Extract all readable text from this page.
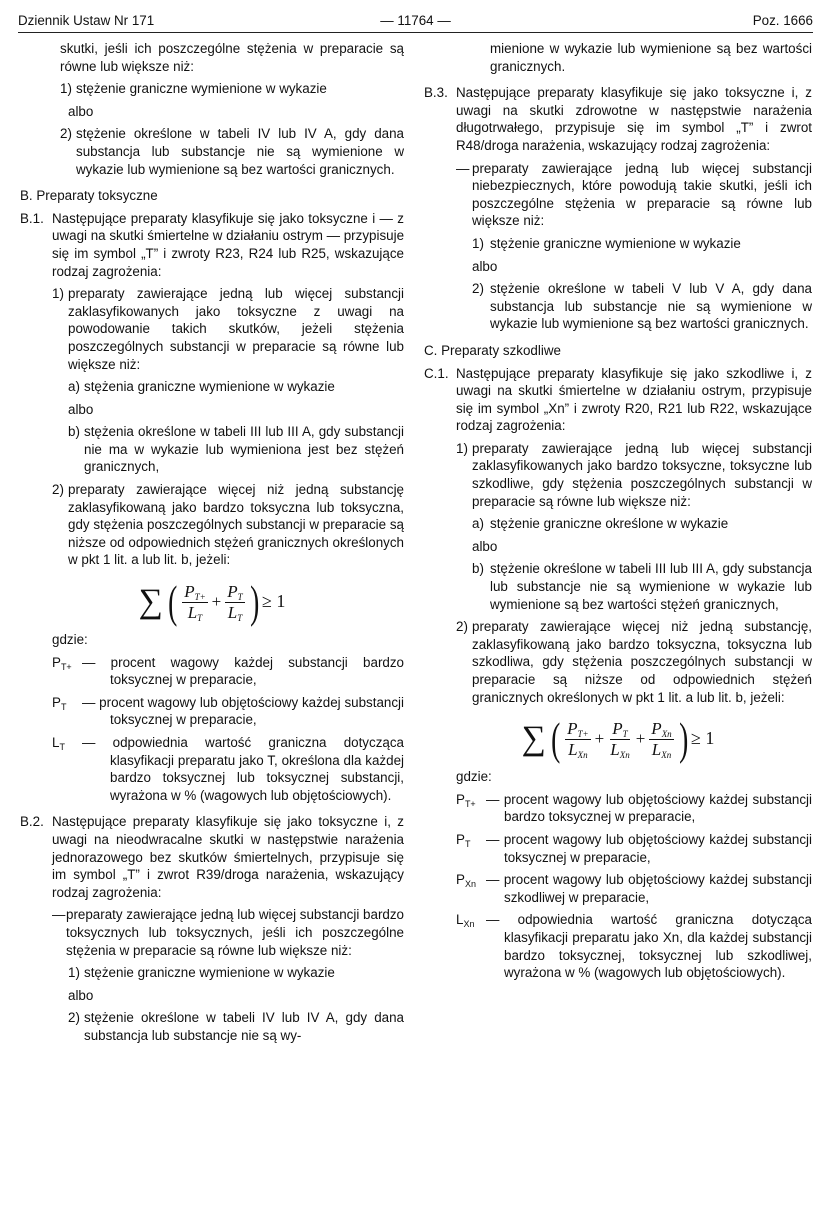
Dziennik Ustaw Nr 171	— 11764 —	Poz. 1666
skutki, jeśli ich poszczególne stężenia w preparacie są równe lub większe niż:
1) stężenie graniczne wymienione w wykazie
albo
2) stężenie określone w tabeli IV lub IV A, gdy dana substancja lub substancje nie są wymienione w wykazie lub wymienione są bez wartości granicznych.
B. Preparaty toksyczne
B.1. Następujące preparaty klasyfikuje się jako toksyczne i — z uwagi na skutki śmiertelne w działaniu ostrym — przypisuje się im symbol „T” i zwroty R23, R24 lub R25, wskazujące rodzaj zagrożenia:
1) preparaty zawierające jedną lub więcej substancji zaklasyfikowanych jako toksyczne z uwagi na powodowanie takich skutków, jeżeli stężenia poszczególnych substancji w preparacie są równe lub większe niż:
a) stężenia graniczne wymienione w wykazie
albo
b) stężenia określone w tabeli III lub III A, gdy substancji nie ma w wykazie lub wymieniona jest bez stężeń granicznych,
2) preparaty zawierające więcej niż jedną substancję zaklasyfikowaną jako bardzo toksyczna lub toksyczna, gdy stężenia poszczególnych substancji w preparacie są niższe od odpowiednich stężeń granicznych określonych w pkt 1 lit. a lub lit. b, jeżeli:
∑ ( $\frac{P_{T+}}{L_T} + \frac{P_T}{L_T}$ ) ≥ 1
gdzie:
$P_{T+}$ — procent wagowy każdej substancji bardzo toksycznej w preparacie,
$P_T$ — procent wagowy lub objętościowy każdej substancji toksycznej w preparacie,
$L_T$ — odpowiednia wartość graniczna dotycząca klasyfikacji preparatu jako T, określona dla każdej bardzo toksycznej lub toksycznej substancji, wyrażona w % (wagowych lub objętościowych).
B.2. Następujące preparaty klasyfikuje się jako toksyczne i, z uwagi na nieodwracalne skutki w następstwie narażenia jednorazowego bez skutków śmiertelnych, przypisuje się im symbol „T” i zwrot R39/droga narażenia, wskazujący rodzaj zagrożenia:
— preparaty zawierające jedną lub więcej substancji bardzo toksycznych lub toksycznych, jeśli ich poszczególne stężenia w preparacie są równe lub większe niż:
1) stężenie graniczne wymienione w wykazie
albo
2) stężenie określone w tabeli IV lub IV A, gdy dana substancja lub substancje nie są wy-
mienione w wykazie lub wymienione są bez wartości granicznych.
B.3. Następujące preparaty klasyfikuje się jako toksyczne i, z uwagi na skutki zdrowotne w następstwie narażenia długotrwałego, przypisuje się im symbol „T” i zwrot R48/droga narażenia, wskazujący rodzaj zagrożenia:
— preparaty zawierające jedną lub więcej substancji niebezpiecznych, które powodują takie skutki, jeśli ich poszczególne stężenia w preparacie są równe lub większe niż:
1) stężenie graniczne wymienione w wykazie
albo
2) stężenie określone w tabeli V lub V A, gdy dana substancja lub substancje nie są wymienione w wykazie lub wymienione są bez wartości granicznych.
C. Preparaty szkodliwe
C.1. Następujące preparaty klasyfikuje się jako szkodliwe i, z uwagi na skutki śmiertelne w działaniu ostrym, przypisuje się im symbol „Xn” i zwroty R20, R21 lub R22, wskazujące rodzaj zagrożenia:
1) preparaty zawierające jedną lub więcej substancji zaklasyfikowanych jako bardzo toksyczne, toksyczne lub szkodliwe, gdy stężenia poszczególnych substancji w preparacie są równe lub większe niż:
a) stężenie graniczne określone w wykazie
albo
b) stężenie określone w tabeli III lub III A, gdy substancja lub substancje nie są wymienione w wykazie lub wymienione są bez wartości stężeń granicznych,
2) preparaty zawierające więcej niż jedną substancję, zaklasyfikowaną jako bardzo toksyczna, toksyczna lub szkodliwa, gdy stężenia poszczególnych substancji w preparacie są niższe od odpowiednich stężeń granicznych określonych w pkt 1 lit. a lub lit. b, jeżeli:
∑ ( $P_{T+}$
$L_{Xn}$
+
$P_T$
$L_{Xn}$
+
$P_{Xn}$
$L_{Xn}$ ) ≥ 1
gdzie:
$P_{T+}$ — procent wagowy lub objętościowy każdej substancji bardzo toksycznej w preparacie,
$P_T$ — procent wagowy lub objętościowy każdej substancji toksycznej w preparacie,
$P_{Xn}$ — procent wagowy lub objętościowy każdej substancji szkodliwej w preparacie,
$L_{Xn}$ — odpowiednia wartość graniczna dotycząca klasyfikacji preparatu jako Xn, dla każdej substancji bardzo toksycznej, toksycznej lub szkodliwej, wyrażona w % (wagowych lub objętościowych).
